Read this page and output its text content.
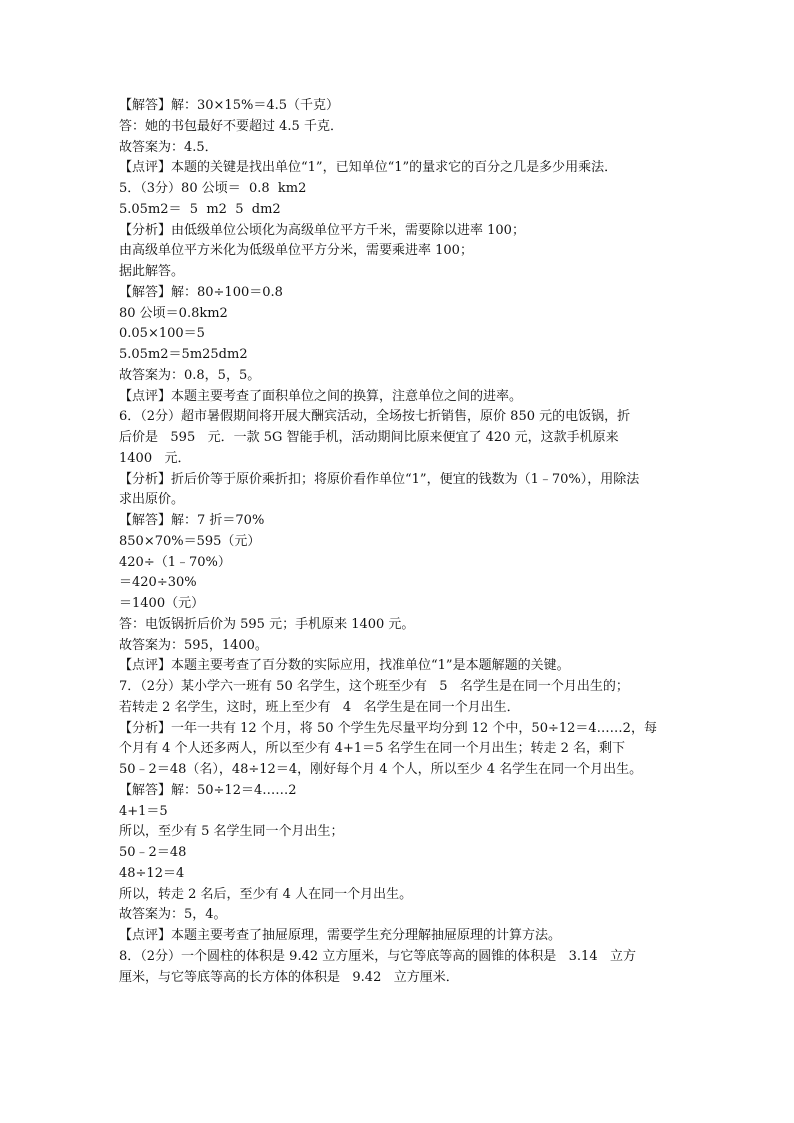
【解答】解：30×15%＝4.5（千克）
答：她的书包最好不要超过 4.5 千克．
故答案为：4.5．
【点评】本题的关键是找出单位“1”，已知单位“1”的量求它的百分之几是多少用乘法．
5．（3分）80 公顷＝  0.8  km2
5.05m2＝  5  m2  5  dm2
【分析】由低级单位公顷化为高级单位平方千米，需要除以进率 100；
由高级单位平方米化为低级单位平方分米，需要乘进率 100；
据此解答。
【解答】解：80÷100＝0.8
80 公顷＝0.8km2
0.05×100＝5
5.05m2＝5m25dm2
故答案为：0.8，5，5。
【点评】本题主要考查了面积单位之间的换算，注意单位之间的进率。
6．（2分）超市暑假期间将开展大酬宾活动，全场按七折销售，原价 850 元的电饭锅，折
后价是   595   元．一款 5G 智能手机，活动期间比原来便宜了 420 元，这款手机原来
1400   元．
【分析】折后价等于原价乘折扣；将原价看作单位“1”，便宜的钱数为（1﹣70%），用除法
求出原价。
【解答】解：7 折＝70%
850×70%＝595（元）
420÷（1﹣70%）
＝420÷30%
＝1400（元）
答：电饭锅折后价为 595 元；手机原来 1400 元。
故答案为：595，1400。
【点评】本题主要考查了百分数的实际应用，找准单位“1”是本题解题的关键。
7．（2分）某小学六一班有 50 名学生，这个班至少有   5   名学生是在同一个月出生的；
若转走 2 名学生，这时，班上至少有   4   名学生是在同一个月出生．
【分析】一年一共有 12 个月，将 50 个学生先尽量平均分到 12 个中，50÷12＝4……2，每
个月有 4 个人还多两人，所以至少有 4+1＝5 名学生在同一个月出生；转走 2 名，剩下
50﹣2＝48（名），48÷12＝4，刚好每个月 4 个人，所以至少 4 名学生在同一个月出生。
【解答】解：50÷12＝4……2
4+1＝5
所以，至少有 5 名学生同一个月出生；
50﹣2＝48
48÷12＝4
所以，转走 2 名后，至少有 4 人在同一个月出生。
故答案为：5，4。
【点评】本题主要考查了抽屉原理，需要学生充分理解抽屉原理的计算方法。
8．（2分）一个圆柱的体积是 9.42 立方厘米，与它等底等高的圆锥的体积是   3.14   立方
厘米，与它等底等高的长方体的体积是   9.42   立方厘米．
